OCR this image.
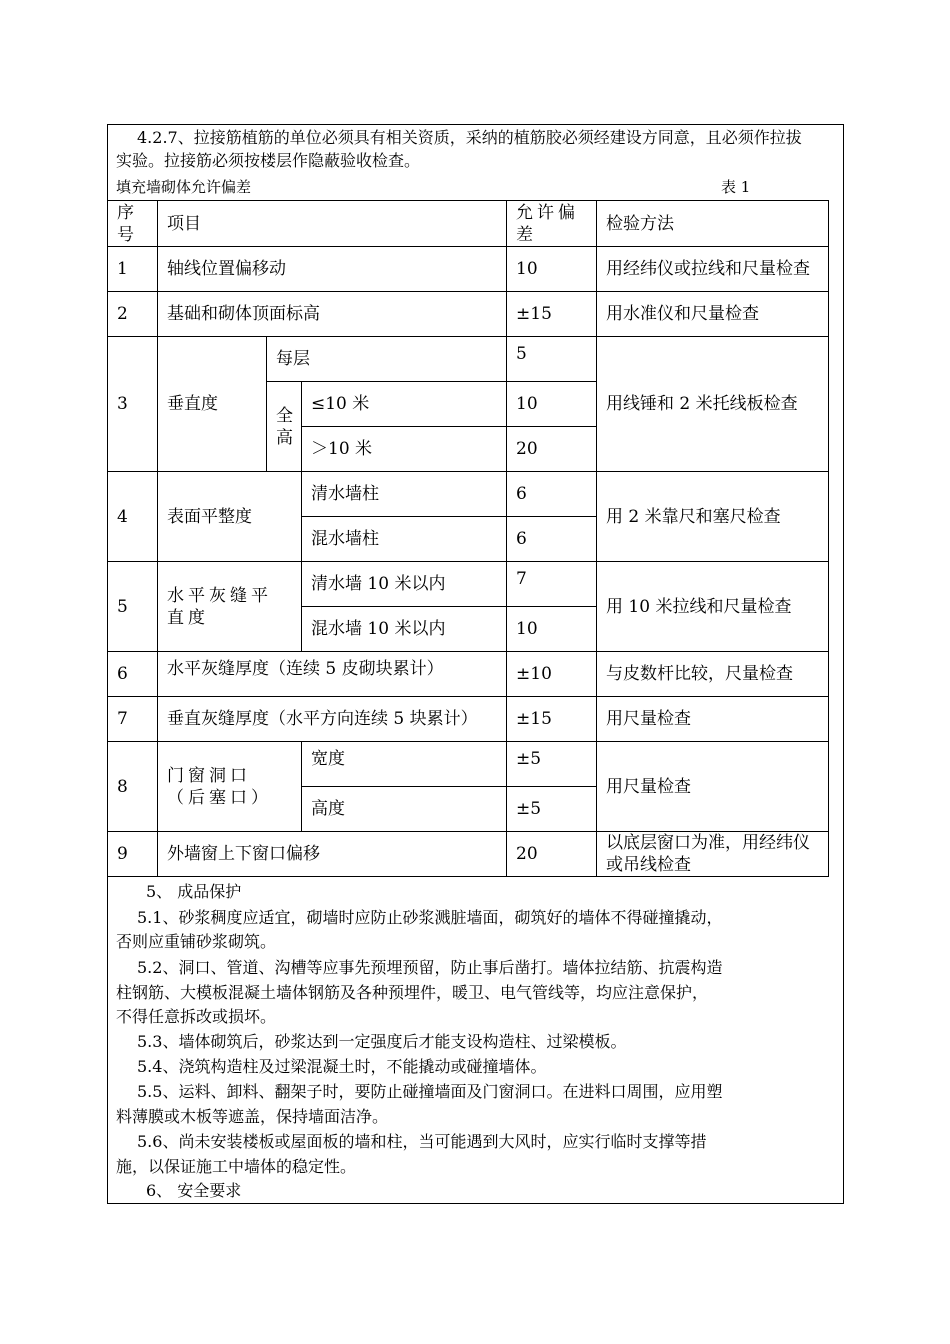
4.2.7、拉接筋植筋的单位必须具有相关资质，采纳的植筋胶必须经建设方同意，且必须作拉拔
实验。拉接筋必须按楼层作隐蔽验收检查。
填充墙砌体允许偏差	表 1
序号	项目			允许偏差	检验方法
1	轴线位置偏移动			10	用经纬仪或拉线和尺量检查
2	基础和砌体顶面标高			±15	用水准仪和尺量检查
3	垂直度	每层		5	用线锤和 2 米托线板检查
		全高	≤10 米	10	
			＞10 米	20	
4	表面平整度		清水墙柱	6	用 2 米靠尺和塞尺检查
			混水墙柱	6	
5	水平灰缝平直度		清水墙 10 米以内	7	用 10 米拉线和尺量检查
			混水墙 10 米以内	10	
6	水平灰缝厚度（连续 5 皮砌块累计）			±10	与皮数杆比较，尺量检查
7	垂直灰缝厚度（水平方向连续 5 块累计）			±15	用尺量检查
8	门窗洞口（后塞口）		宽度	±5	用尺量检查
			高度	±5	
9	外墙窗上下窗口偏移			20	以底层窗口为准，用经纬仪或吊线检查
5、 成品保护
5.1、砂浆稠度应适宜，砌墙时应防止砂浆溅脏墙面，砌筑好的墙体不得碰撞撬动，
否则应重铺砂浆砌筑。
5.2、洞口、管道、沟槽等应事先预埋预留，防止事后凿打。墙体拉结筋、抗震构造
柱钢筋、大模板混凝土墙体钢筋及各种预埋件，暖卫、电气管线等，均应注意保护，
不得任意拆改或损坏。
5.3、墙体砌筑后，砂浆达到一定强度后才能支设构造柱、过梁模板。
5.4、浇筑构造柱及过梁混凝土时，不能撬动或碰撞墙体。
5.5、运料、卸料、翻架子时，要防止碰撞墙面及门窗洞口。在进料口周围，应用塑
料薄膜或木板等遮盖，保持墙面洁净。
5.6、尚未安装楼板或屋面板的墙和柱，当可能遇到大风时，应实行临时支撑等措
施，以保证施工中墙体的稳定性。
6、 安全要求
